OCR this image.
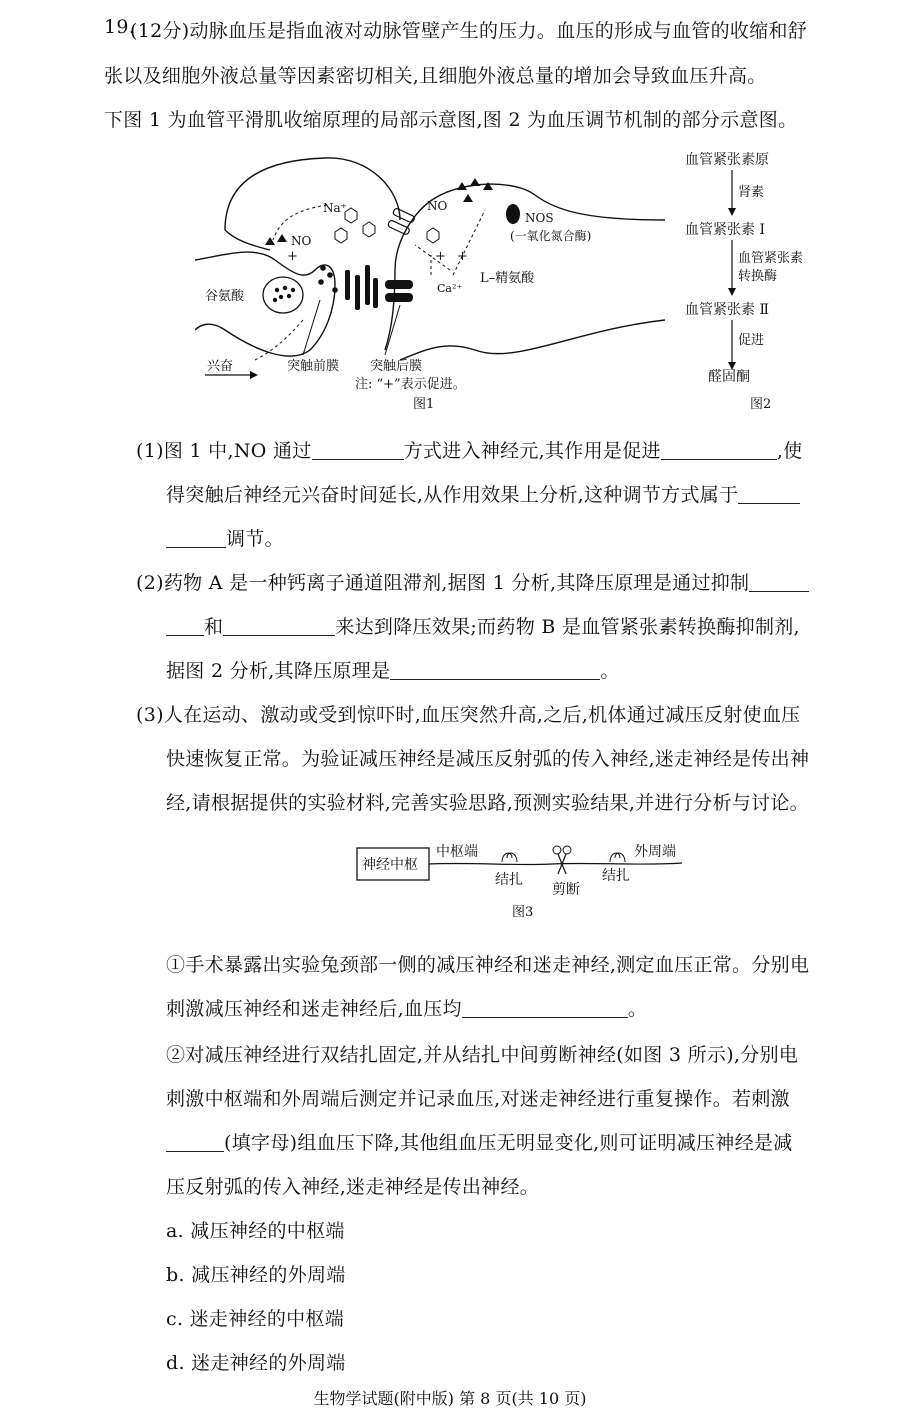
19.
(12分)动脉血压是指血液对动脉管壁产生的压力。血压的形成与血管的收缩和舒
张以及细胞外液总量等因素密切相关,且细胞外液总量的增加会导致血压升高。
下图 1 为血管平滑肌收缩原理的局部示意图,图 2 为血压调节机制的部分示意图。
Na⁺
NO
NO
NOS
(一氧化氮合酶)
谷氨酸
Ca²⁺
L–精氨酸
突触前膜 突触后膜
兴奋
+	+ +
注: “+”表示促进。
图1
血管紧张素原
肾素
血管紧张素 I
血管紧张素
转换酶
血管紧张素 Ⅱ
促进
醛固酮
图2
(1)图 1 中,NO 通过	方式进入神经元,其作用是促进	,使
得突触后神经元兴奋时间延长,从作用效果上分析,这种调节方式属于
调节。
(2)药物 A 是一种钙离子通道阻滞剂,据图 1 分析,其降压原理是通过抑制
和	来达到降压效果;而药物 B 是血管紧张素转换酶抑制剂,
据图 2 分析,其降压原理是	。
(3)人在运动、激动或受到惊吓时,血压突然升高,之后,机体通过减压反射使血压
快速恢复正常。为验证减压神经是减压反射弧的传入神经,迷走神经是传出神
经,请根据提供的实验材料,完善实验思路,预测实验结果,并进行分析与讨论。
神经中枢
中枢端	外周端
结扎
剪断
结扎
图3
①手术暴露出实验兔颈部一侧的减压神经和迷走神经,测定血压正常。分别电
刺激减压神经和迷走神经后,血压均	。
②对减压神经进行双结扎固定,并从结扎中间剪断神经(如图 3 所示),分别电
刺激中枢端和外周端后测定并记录血压,对迷走神经进行重复操作。若刺激
(填字母)组血压下降,其他组血压无明显变化,则可证明减压神经是减
压反射弧的传入神经,迷走神经是传出神经。
a. 减压神经的中枢端
b. 减压神经的外周端
c. 迷走神经的中枢端
d. 迷走神经的外周端
生物学试题(附中版) 第 8 页(共 10 页)
